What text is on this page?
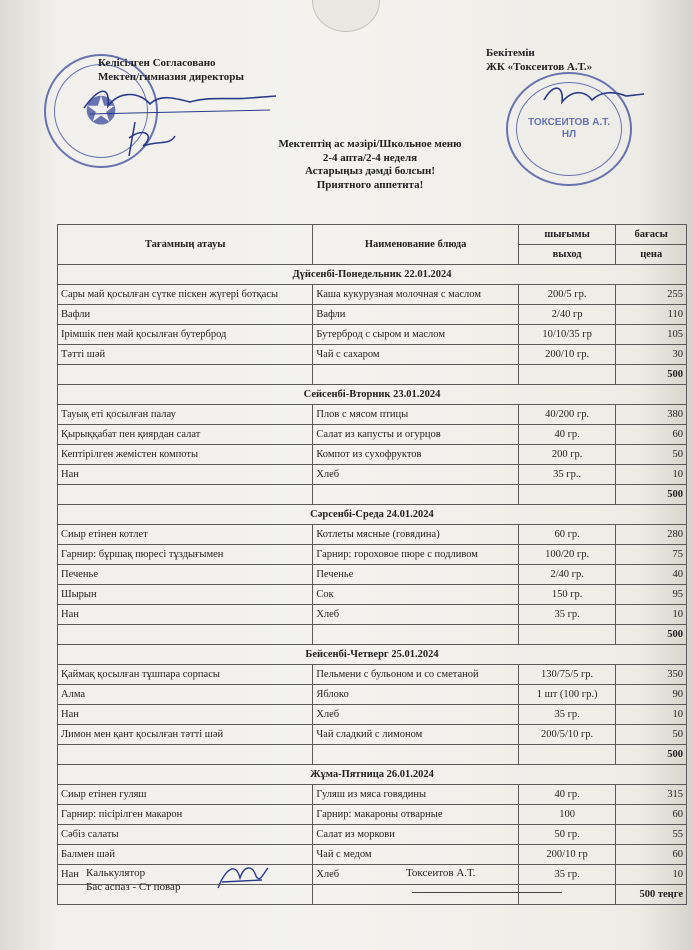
✪
Келісілген Согласовано
Мектеп/гимназия директоры
ТОКСЕИТОВ А.Т.
НЛ
Бекітемін
ЖК «Токсеитов А.Т.»
Мектептің ас мәзірі/Школьное меню
2-4 апта/2-4 неделя
Астарыңыз дәмді болсын!
Приятного аппетита!
Тағамның атауы	Наименование блюда	шығымы	бағасы
		выход	цена
Дүйсенбі-Понедельник 22.01.2024			
Сары май қосылған сүтке піскен жүгері ботқасы	Каша кукурузная молочная с маслом	200/5 гр.	255
Вафли	Вафли	2/40 гр	110
Ірімшік пен май қосылған бутерброд	Бутерброд с сыром и маслом	10/10/35 гр	105
Тәтті шәй	Чай с сахаром	200/10 гр.	30
			500
Сейсенбі-Вторник 23.01.2024			
Тауық еті қосылған палау	Плов с мясом птицы	40/200 гр.	380
Қырыққабат пен қиярдан салат	Салат из капусты и огурцов	40 гр.	60
Кептірілген жемістен компоты	Компот из сухофруктов	200 гр.	50
Нан	Хлеб	35 гр..	10
			500
Сәрсенбі-Среда 24.01.2024			
Сиыр етінен котлет	Котлеты мясные (говядина)	60 гр.	280
Гарнир: бұршақ пюресі тұздығымен	Гарнир: гороховое пюре с подливом	100/20 гр.	75
Печенье	Печенье	2/40 гр.	40
Шырын	Сок	150 гр.	95
Нан	Хлеб	35 гр.	10
			500
Бейсенбі-Четверг 25.01.2024			
Қаймақ қосылған тұшпара сорпасы	Пельмени с бульоном и со сметаной	130/75/5 гр.	350
Алма	Яблоко	1 шт (100 гр.)	90
Нан	Хлеб	35 гр.	10
Лимон мен қант қосылған тәтті шәй	Чай сладкий с лимоном	200/5/10 гр.	50
			500
Жұма-Пятница 26.01.2024			
Сиыр етінен гуляш	Гуляш из мяса говядины	40 гр.	315
Гарнир: пісірілген макарон	Гарнир: макароны отварные	100	60
Сәбіз салаты	Салат из моркови	50 гр.	55
Балмен шәй	Чай с медом	200/10 гр	60
Нан	Хлеб	35 гр.	10
			500 теңге
Калькулятор
Бас аспаз - Ст повар
Токсеитов А.Т.
